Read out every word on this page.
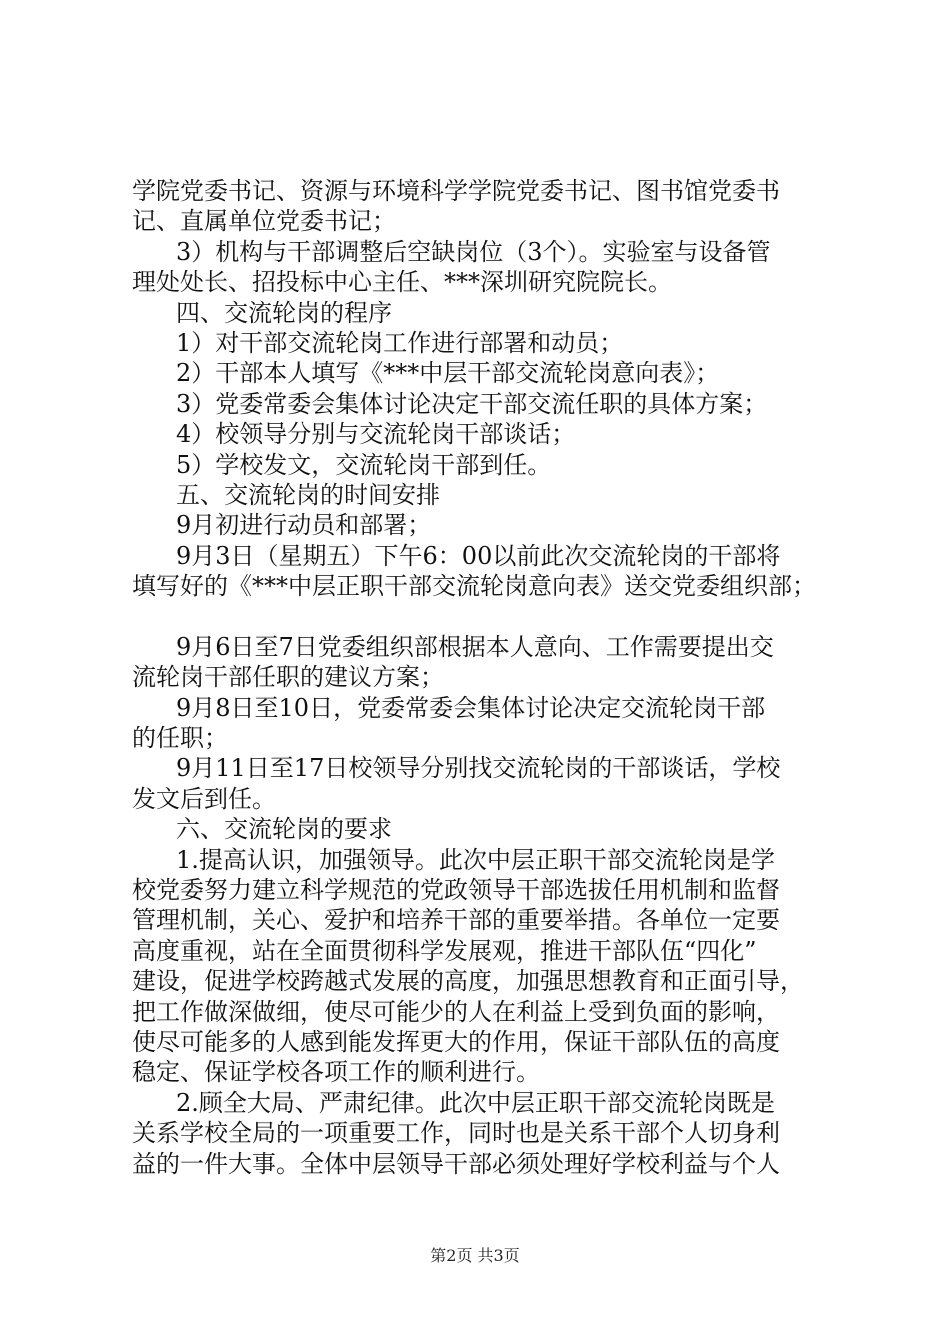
学院党委书记、资源与环境科学学院党委书记、图书馆党委书
记、直属单位党委书记；
3）机构与干部调整后空缺岗位（3个）。实验室与设备管
理处处长、招投标中心主任、***深圳研究院院长。
四、交流轮岗的程序
1）对干部交流轮岗工作进行部署和动员；
2）干部本人填写《***中层干部交流轮岗意向表》；
3）党委常委会集体讨论决定干部交流任职的具体方案；
4）校领导分别与交流轮岗干部谈话；
5）学校发文，交流轮岗干部到任。
五、交流轮岗的时间安排
9月初进行动员和部署；
9月3日（星期五）下午6：00以前此次交流轮岗的干部将
填写好的《***中层正职干部交流轮岗意向表》送交党委组织部；
9月6日至7日党委组织部根据本人意向、工作需要提出交
流轮岗干部任职的建议方案；
9月8日至10日，党委常委会集体讨论决定交流轮岗干部
的任职；
9月11日至17日校领导分别找交流轮岗的干部谈话，学校
发文后到任。
六、交流轮岗的要求
1.提高认识，加强领导。此次中层正职干部交流轮岗是学
校党委努力建立科学规范的党政领导干部选拔任用机制和监督
管理机制，关心、爱护和培养干部的重要举措。各单位一定要
高度重视，站在全面贯彻科学发展观，推进干部队伍“四化”
建设，促进学校跨越式发展的高度，加强思想教育和正面引导，
把工作做深做细，使尽可能少的人在利益上受到负面的影响，
使尽可能多的人感到能发挥更大的作用，保证干部队伍的高度
稳定、保证学校各项工作的顺利进行。
2.顾全大局、严肃纪律。此次中层正职干部交流轮岗既是
关系学校全局的一项重要工作，同时也是关系干部个人切身利
益的一件大事。全体中层领导干部必须处理好学校利益与个人
第2页 共3页
